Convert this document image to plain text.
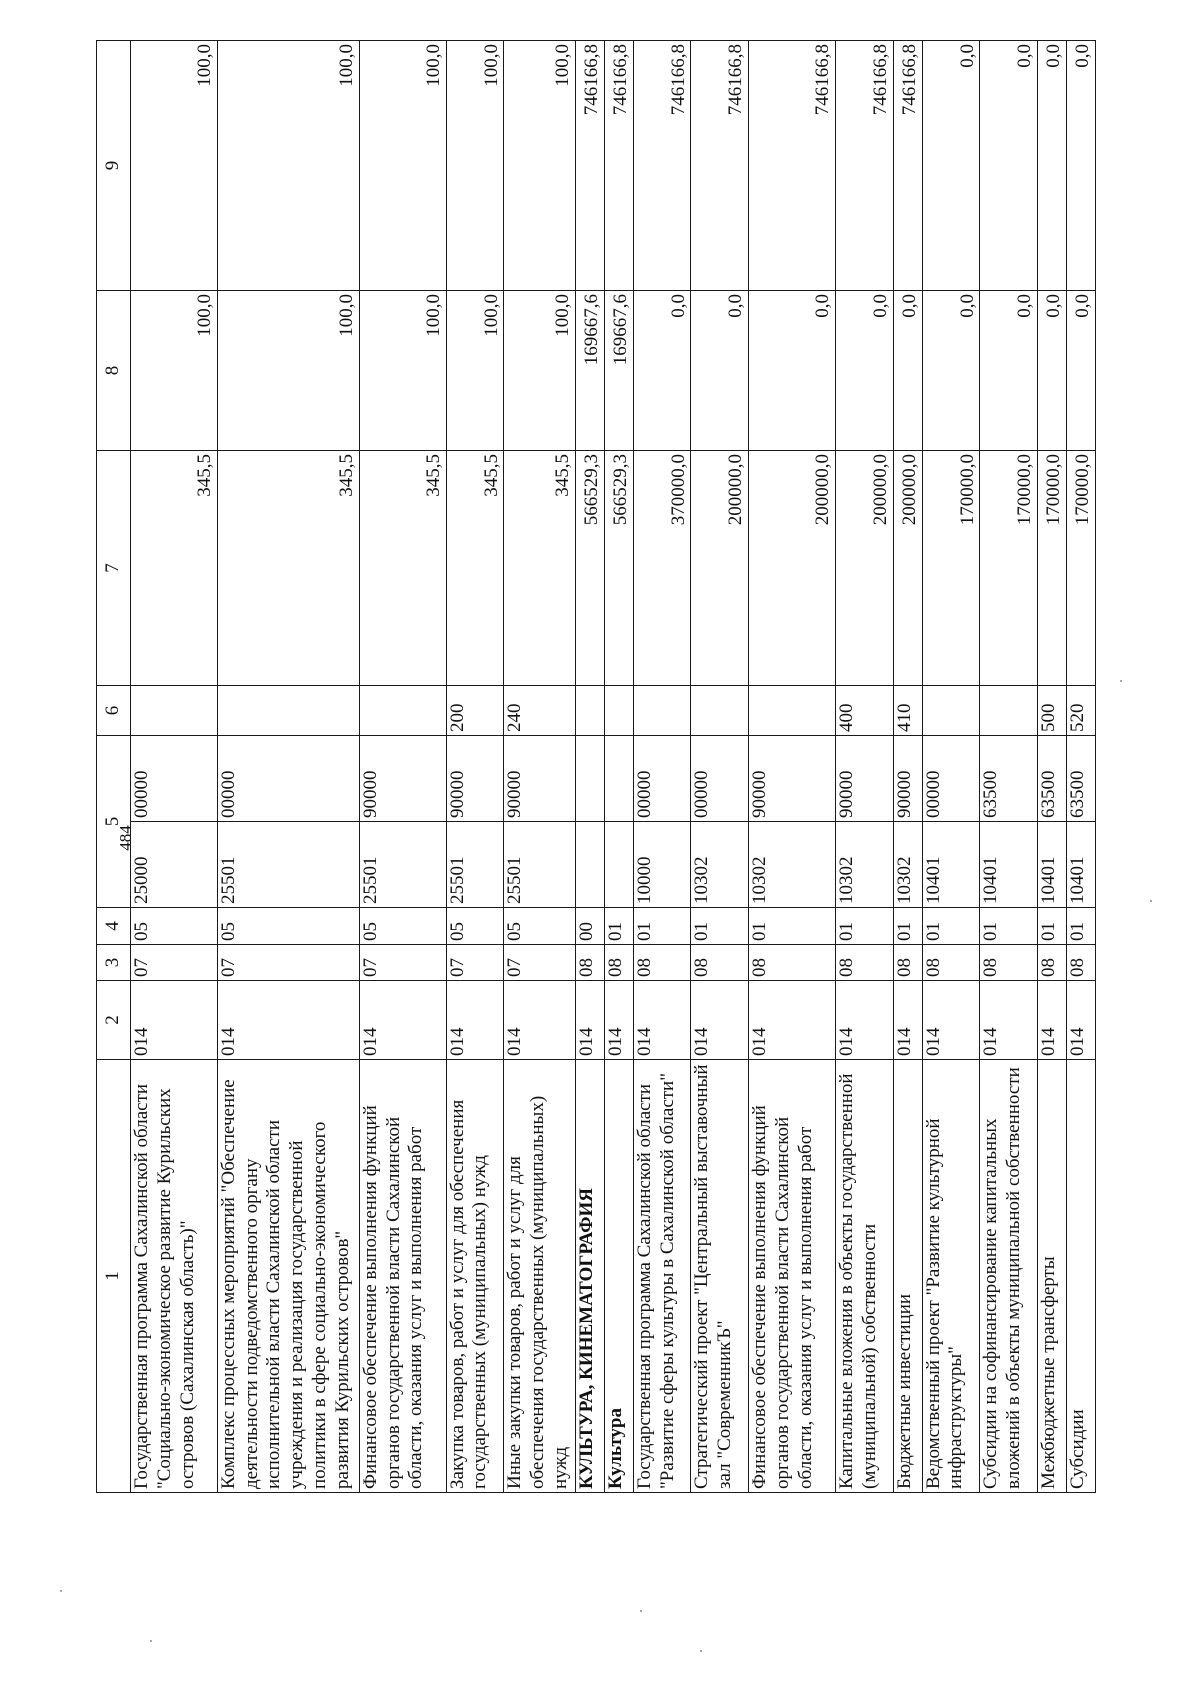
484
1	2	3	4	5		6	7	8	9
Государственная программа Сахалинской области "Социально-экономическое развитие Курильских островов (Сахалинская область)"	014	07	05	25000	00000		345,5	100,0	100,0
Комплекс процессных мероприятий "Обеспечение деятельности подведомственного органу исполнительной власти Сахалинской области учреждения и реализация государственной политики в сфере социально-экономического развития Курильских островов"	014	07	05	25501	00000		345,5	100,0	100,0
Финансовое обеспечение выполнения функций органов государственной власти Сахалинской области, оказания услуг и выполнения работ	014	07	05	25501	90000		345,5	100,0	100,0
Закупка товаров, работ и услуг для обеспечения государственных (муниципальных) нужд	014	07	05	25501	90000	200	345,5	100,0	100,0
Иные закупки товаров, работ и услуг для обеспечения государственных (муниципальных) нужд	014	07	05	25501	90000	240	345,5	100,0	100,0
КУЛЬТУРА, КИНЕМАТОГРАФИЯ	014	08	00				566529,3	169667,6	746166,8
Культура	014	08	01				566529,3	169667,6	746166,8
Государственная программа Сахалинской области "Развитие сферы культуры в Сахалинской области"	014	08	01	10000	00000		370000,0	0,0	746166,8
Стратегический проект "Центральный выставочный зал "СовременникЪ"	014	08	01	10302	00000		200000,0	0,0	746166,8
Финансовое обеспечение выполнения функций органов государственной власти Сахалинской области, оказания услуг и выполнения работ	014	08	01	10302	90000		200000,0	0,0	746166,8
Капитальные вложения в объекты государственной (муниципальной) собственности	014	08	01	10302	90000	400	200000,0	0,0	746166,8
Бюджетные инвестиции	014	08	01	10302	90000	410	200000,0	0,0	746166,8
Ведомственный проект "Развитие культурной инфраструктуры"	014	08	01	10401	00000		170000,0	0,0	0,0
Субсидии на софинансирование капитальных вложений в объекты муниципальной собственности	014	08	01	10401	63500		170000,0	0,0	0,0
Межбюджетные трансферты	014	08	01	10401	63500	500	170000,0	0,0	0,0
Субсидии	014	08	01	10401	63500	520	170000,0	0,0	0,0
